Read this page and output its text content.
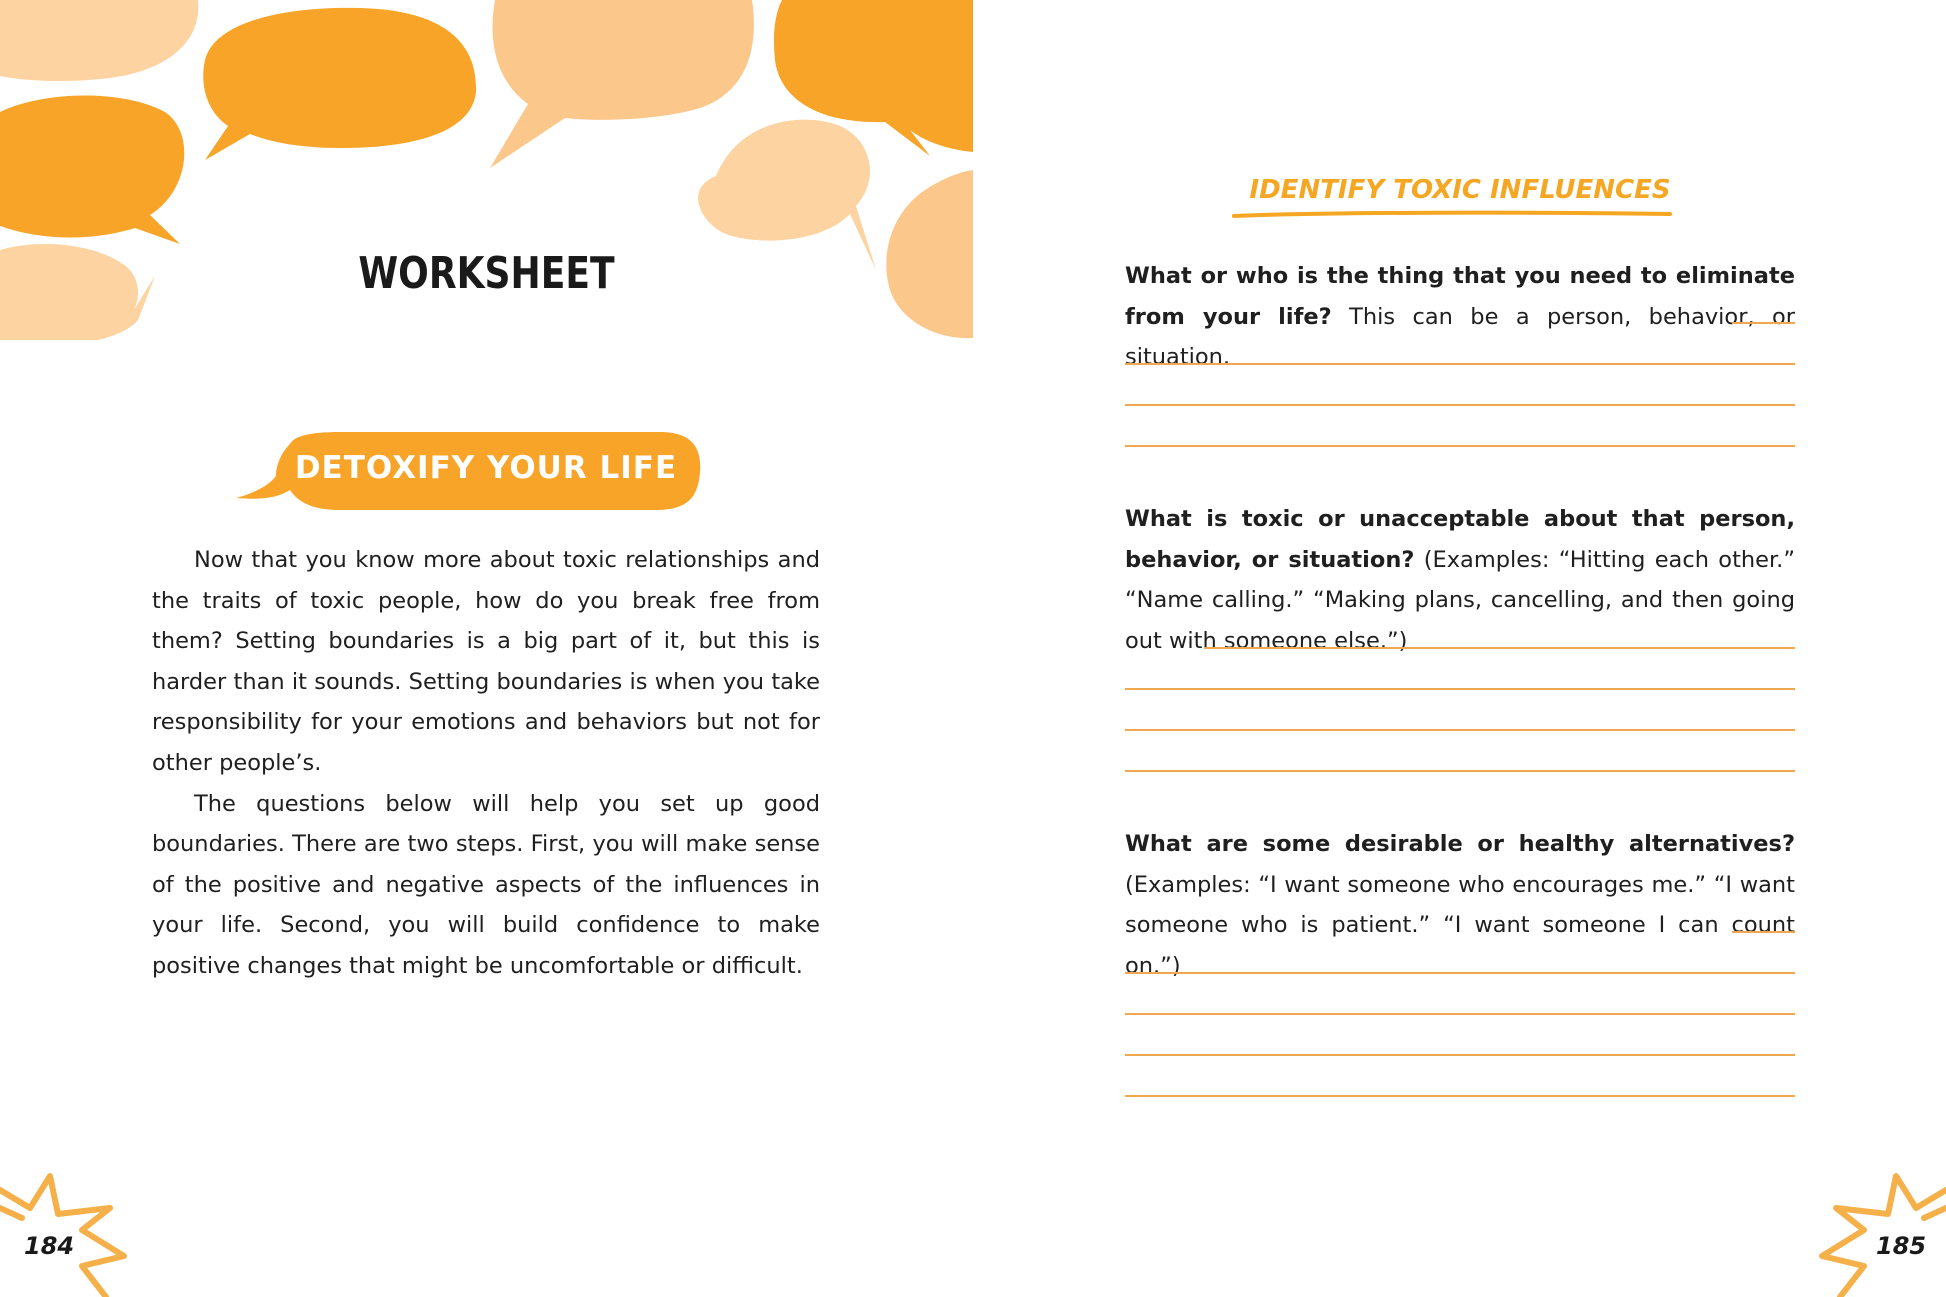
WORKSHEET
DETOXIFY YOUR LIFE

Now that you know more about toxic relationships and the traits of toxic people, how do you break free from them? Setting boundaries is a big part of it, but this is harder than it sounds. Setting boundaries is when you take responsibility for your emotions and behaviors but not for other people’s.

The questions below will help you set up good boundaries. There are two steps. First, you will make sense of the positive and negative aspects of the influences in your life. Second, you will build confidence to make positive changes that might be uncomfortable or difficult.

184
IDENTIFY TOXIC INFLUENCES
What or who is the thing that you need to eliminate from your life? This can be a person, behavior, or situation.
What is toxic or unacceptable about that person, behavior, or situation? (Examples: “Hitting each other.” “Name calling.” “Making plans, cancelling, and then going out with someone else.”)
What are some desirable or healthy alternatives? (Examples: “I want someone who encourages me.” “I want someone who is patient.” “I want someone I can count on.”)
185
